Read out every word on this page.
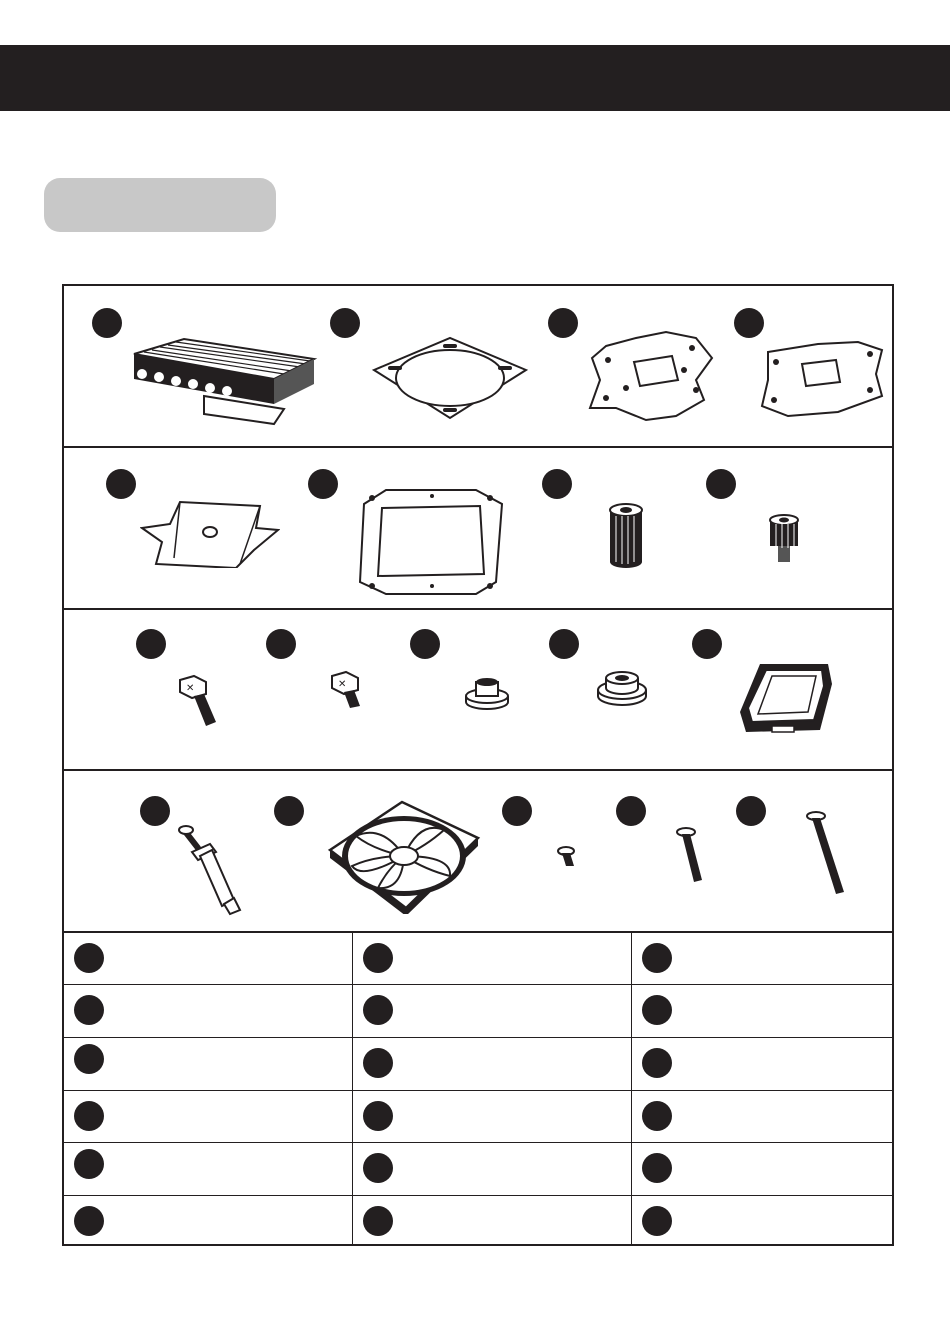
✕	✕
